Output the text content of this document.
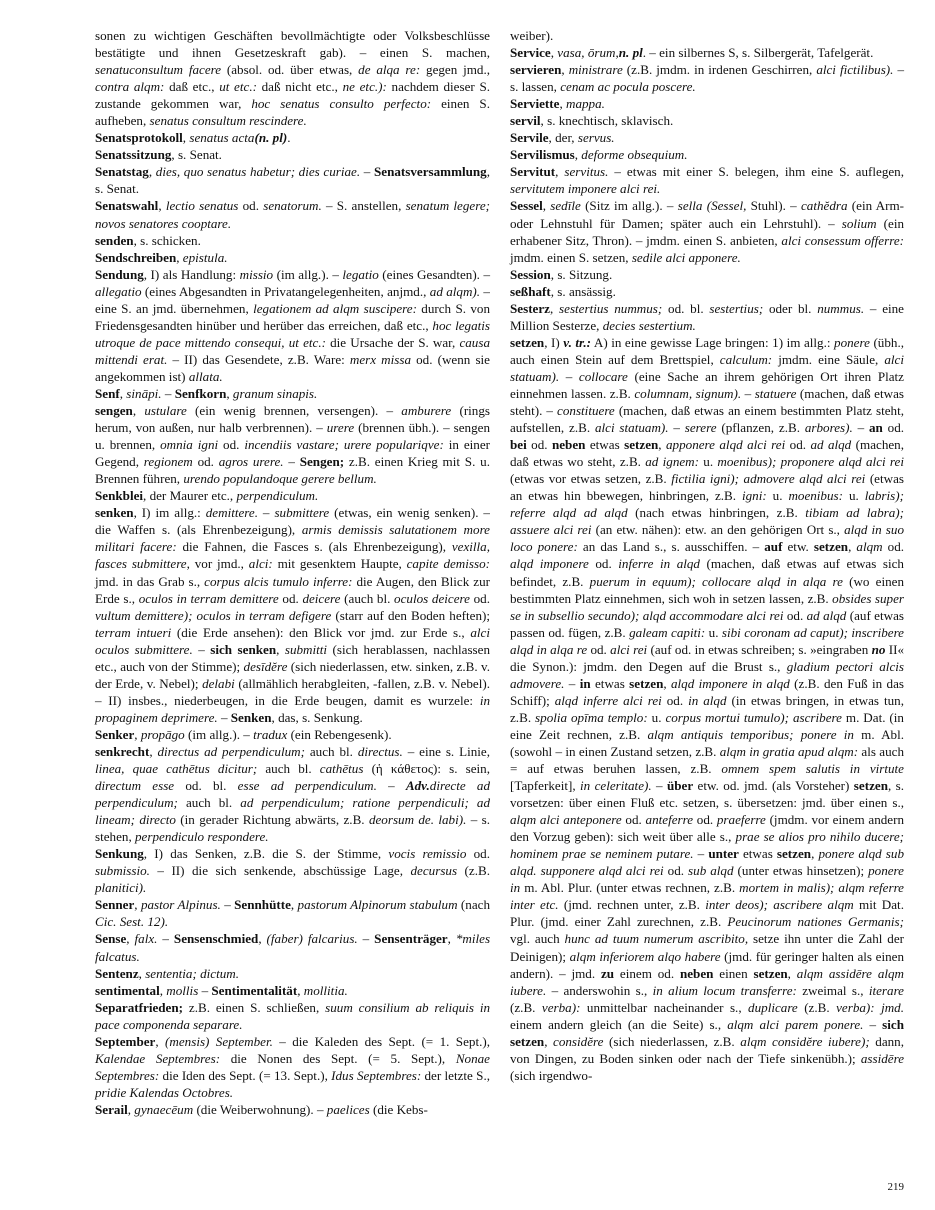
sonen zu wichtigen Geschäften bevollmächtigte oder Volksbeschlüsse bestätigte und ihnen Gesetzeskraft gab). – einen S. machen, senatuconsultum facere (absol. od. über etwas, de alqa re: gegen jmd., contra alqm: daß etc., ut etc.: daß nicht etc., ne etc.): nachdem dieser S. zustande gekommen war, hoc senatus consulto perfecto: einen S. aufheben, senatus consultum rescindere.

Senatsprotokoll, senatus acta(n. pl).

Senatssitzung, s. Senat.

Senatstag, dies, quo senatus habetur; dies curiae. – Senatsversammlung, s. Senat.

Senatswahl, lectio senatus od. senatorum. – S. anstellen, senatum legere; novos senatores cooptare.

senden, s. schicken.

Sendschreiben, epistula.

Sendung, I) als Handlung: missio (im allg.). – legatio (eines Gesandten). – allegatio (eines Abgesandten in Privatangelegenheiten, anjmd., ad alqm). – eine S. an jmd. übernehmen, legationem ad alqm suscipere: durch S. von Friedensgesandten hinüber und herüber das erreichen, daß etc., hoc legatis utroque de pace mittendo consequi, ut etc.: die Ursache der S. war, causa mittendi erat. – II) das Gesendete, z.B. Ware: merx missa od. (wenn sie angekommen ist) allata.

Senf, sināpi. – Senfkorn, granum sinapis.

sengen, ustulare (ein wenig brennen, versengen). – amburere (rings herum, von außen, nur halb verbrennen). – urere (brennen übh.). – sengen u. brennen, omnia igni od. incendiis vastare; urere populariqve: in einer Gegend, regionem od. agros urere. – Sengen; z.B. einen Krieg mit S. u. Brennen führen, urendo populandoque gerere bellum.

Senkblei, der Maurer etc., perpendiculum.

senken, I) im allg.: demittere. – submittere (etwas, ein wenig senken). – die Waffen s. (als Ehrenbezeigung), armis demissis salutationem more militari facere: die Fahnen, die Fasces s. (als Ehrenbezeigung), vexilla, fasces submittere, vor jmd., alci: mit gesenktem Haupte, capite demisso: jmd. in das Grab s., corpus alcis tumulo inferre: die Augen, den Blick zur Erde s., oculos in terram demittere od. deicere (auch bl. oculos deicere od. vultum demittere); oculos in terram defigere (starr auf den Boden heften); terram intueri (die Erde ansehen): den Blick vor jmd. zur Erde s., alci oculos submittere. – sich senken, submitti (sich herablassen, nachlassen etc., auch von der Stimme); desīdĕre (sich niederlassen, etw. sinken, z.B. v. der Erde, v. Nebel); delabi (allmählich herabgleiten, -fallen, z.B. v. Nebel). – II) insbes., niederbeugen, in die Erde beugen, damit es wurzele: in propaginem deprimere. – Senken, das, s. Senkung.

Senker, propāgo (im allg.). – tradux (ein Rebengesenk).

senkrecht, directus ad perpendiculum; auch bl. directus. – eine s. Linie, linea, quae cathētus dicitur; auch bl. cathētus (ἡ κάθετος): s. sein, directum esse od. bl. esse ad perpendiculum. – Adv.directe ad perpendiculum; auch bl. ad perpendiculum; ratione perpendiculi; ad lineam; directo (in gerader Richtung abwärts, z.B. deorsum de. labi). – s. stehen, perpendiculo respondere.

Senkung, I) das Senken, z.B. die S. der Stimme, vocis remissio od. submissio. – II) die sich senkende, abschüssige Lage, decursus (z.B. planitici).

Senner, pastor Alpinus. – Sennhütte, pastorum Alpinorum stabulum (nach Cic. Sest. 12).

Sense, falx. – Sensenschmied, (faber) falcarius. – Sensenträger, *miles falcatus.

Sentenz, sententia; dictum.

sentimental, mollis – Sentimentalität, mollitia.

Separatfrieden; z.B. einen S. schließen, suum consilium ab reliquis in pace componenda separare.

September, (mensis) September. – die Kaleden des Sept. (= 1. Sept.), Kalendae Septembres: die Nonen des Sept. (= 5. Sept.), Nonae Septembres: die Iden des Sept. (= 13. Sept.), Idus Septembres: der letzte S., pridie Kalendas Octobres.

Serail, gynaecēum (die Weiberwohnung). – paelices (die Kebs-

weiber).

Service, vasa, ōrum,n. pl. – ein silbernes S, s. Silbergerät, Tafelgerät.

servieren, ministrare (z.B. jmdm. in irdenen Geschirren, alci fictilibus). – s. lassen, cenam ac pocula poscere.

Serviette, mappa.

servil, s. knechtisch, sklavisch.

Servile, der, servus.

Servilismus, deforme obsequium.

Servitut, servitus. – etwas mit einer S. belegen, ihm eine S. auflegen, servitutem imponere alci rei.

Sessel, sedīle (Sitz im allg.). – sella (Sessel, Stuhl). – cathĕdra (ein Arm- oder Lehnstuhl für Damen; später auch ein Lehrstuhl). – solium (ein erhabener Sitz, Thron). – jmdm. einen S. anbieten, alci consessum offerre: jmdm. einen S. setzen, sedile alci apponere.

Session, s. Sitzung.

seßhaft, s. ansässig.

Sesterz, sestertius nummus; od. bl. sestertius; oder bl. nummus. – eine Million Sesterze, decies sestertium.

setzen, I) v. tr.: A) in eine gewisse Lage bringen: 1) im allg.: ponere (übh., auch einen Stein auf dem Brettspiel, calculum: jmdm. eine Säule, alci statuam). – collocare (eine Sache an ihrem gehörigen Ort ihren Platz einnehmen lassen. z.B. columnam, signum). – statuere (machen, daß etwas steht). – constituere (machen, daß etwas an einem bestimmten Platz steht, aufstellen, z.B. alci statuam). – serere (pflanzen, z.B. arbores). – an od. bei od. neben etwas setzen, apponere alqd alci rei od. ad alqd (machen, daß etwas wo steht, z.B. ad ignem: u. moenibus); proponere alqd alci rei (etwas vor etwas setzen, z.B. fictilia igni); admovere alqd alci rei (etwas an etwas hin bbewegen, hinbringen, z.B. igni: u. moenibus: u. labris); referre alqd ad alqd (nach etwas hinbringen, z.B. tibiam ad labra); assuere alci rei (an etw. nähen): etw. an den gehörigen Ort s., alqd in suo loco ponere: an das Land s., s. ausschiffen. – auf etw. setzen, alqm od. alqd imponere od. inferre in alqd (machen, daß etwas auf etwas sich befindet, z.B. puerum in equum); collocare alqd in alqa re (wo einen bestimmten Platz einnehmen, sich woh in setzen lassen, z.B. obsides super se in subsellio secundo); alqd accommodare alci rei od. ad alqd (auf etwas passen od. fügen, z.B. galeam capiti: u. sibi coronam ad caput); inscribere alqd in alqa re od. alci rei (auf od. in etwas schreiben; s. »eingraben no II« die Synon.): jmdm. den Degen auf die Brust s., gladium pectori alcis admovere. – in etwas setzen, alqd imponere in alqd (z.B. den Fuß in das Schiff); alqd inferre alci rei od. in alqd (in etwas bringen, in etwas tun, z.B. spolia opīma templo: u. corpus mortui tumulo); ascribere m. Dat. (in eine Zeit rechnen, z.B. alqm antiquis temporibus; ponere in m. Abl. (sowohl – in einen Zustand setzen, z.B. alqm in gratia apud alqm: als auch = auf etwas beruhen lassen, z.B. omnem spem salutis in virtute [Tapferkeit], in celeritate). – über etw. od. jmd. (als Vorsteher) setzen, s. vorsetzen: über einen Fluß etc. setzen, s. übersetzen: jmd. über einen s., alqm alci anteponere od. anteferre od. praeferre (jmdm. vor einem andern den Vorzug geben): sich weit über alle s., prae se alios pro nihilo ducere; hominem prae se neminem putare. – unter etwas setzen, ponere alqd sub alqd. supponere alqd alci rei od. sub alqd (unter etwas hinsetzen); ponere in m. Abl. Plur. (unter etwas rechnen, z.B. mortem in malis); alqm referre inter etc. (jmd. rechnen unter, z.B. inter deos); ascribere alqm mit Dat. Plur. (jmd. einer Zahl zurechnen, z.B. Peucinorum nationes Germanis; vgl. auch hunc ad tuum numerum ascribito, setze ihn unter die Zahl der Deinigen); alqm inferiorem alqo habere (jmd. für geringer halten als einen andern). – jmd. zu einem od. neben einen setzen, alqm assidēre alqm iubere. – anderswohin s., in alium locum transferre: zweimal s., iterare (z.B. verba): unmittelbar nacheinander s., duplicare (z.B. verba): jmd. einem andern gleich (an die Seite) s., alqm alci parem ponere. – sich setzen, considĕre (sich niederlassen, z.B. alqm considĕre iubere); dann, von Dingen, zu Boden sinken oder nach der Tiefe sinkenübh.); assidēre (sich irgendwo-

219
